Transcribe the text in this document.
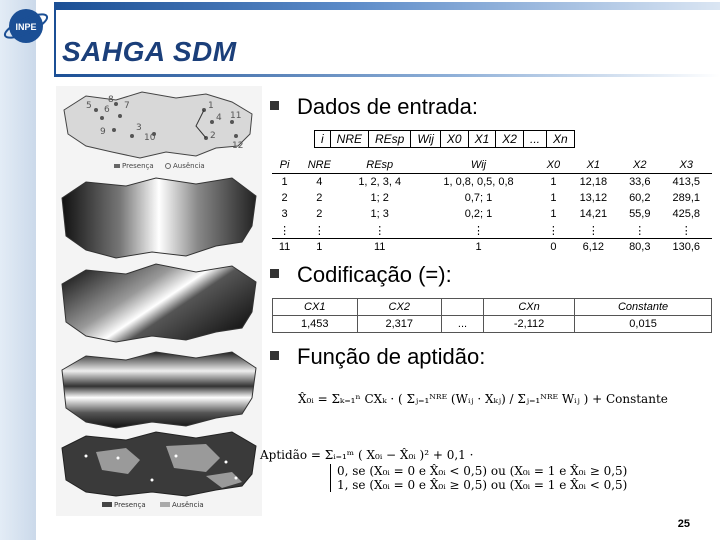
INPE
SAHGA SDM
5 6
8
7
9	3
1
4
10	2
11
12
Presença	Ausência
Presença	Ausência
Dados de entrada:
i	NRE	REsp	Wij	X0	X1	X2	...	Xn
Pi	NRE	REsp	Wij	X0	X1	X2	X3
1	4	1, 2, 3, 4	1, 0,8, 0,5, 0,8	1	12,18	33,6	413,5
2	2	1; 2	0,7; 1	1	13,12	60,2	289,1
3	2	1; 3	0,2; 1	1	14,21	55,9	425,8
⋮	⋮	⋮	⋮	⋮	⋮	⋮	⋮
11	1	11	1	0	6,12	80,3	130,6
Codificação (=):
CX1	CX2		CXn	Constante
1,453	2,317	...	-2,112	0,015
Função de aptidão:
X̂₀ᵢ = Σₖ₌₁ⁿ CXₖ · ( Σⱼ₌₁ᴺᴿᴱ (Wᵢⱼ · Xₖⱼ) / Σⱼ₌₁ᴺᴿᴱ Wᵢⱼ ) + Constante
Aptidão = Σᵢ₌₁ᵐ ( X₀ᵢ − X̂₀ᵢ )² + 0,1 ·
0, se (X₀ᵢ = 0 e X̂₀ᵢ < 0,5) ou (X₀ᵢ = 1 e X̂₀ᵢ ≥ 0,5)
1, se (X₀ᵢ = 0 e X̂₀ᵢ ≥ 0,5) ou (X₀ᵢ = 1 e X̂₀ᵢ < 0,5)
25
